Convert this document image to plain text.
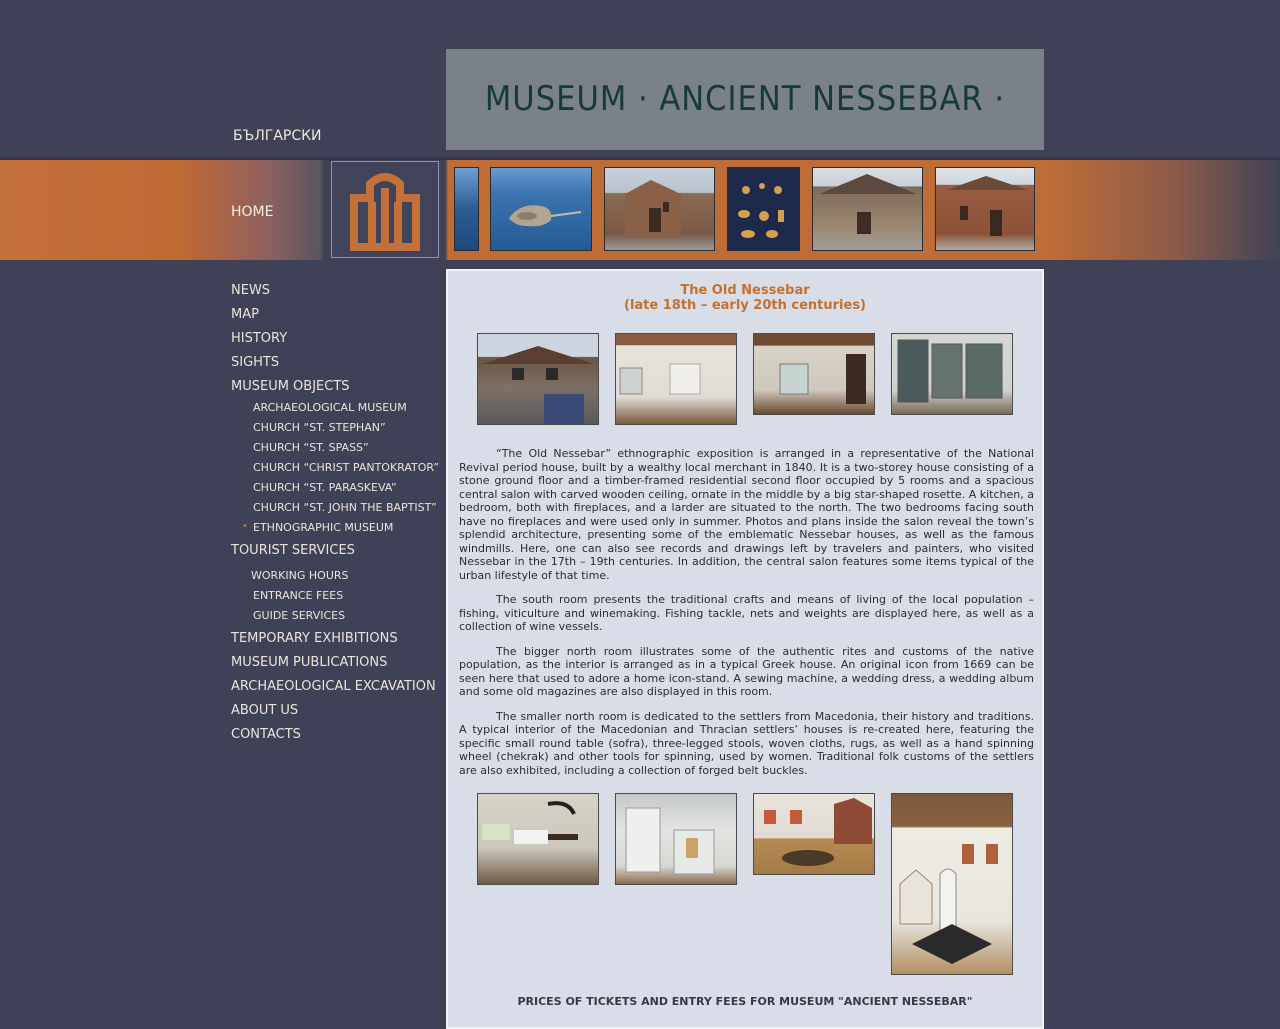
MUSEUM · ANCIENT NESSEBAR ·
БЪЛГАРСКИ
HOME
NEWS
MAP
HISTORY
SIGHTS
MUSEUM OBJECTS
ARCHAEOLOGICAL MUSEUM
CHURCH “ST. STEPHAN”
CHURCH “ST. SPASS”
CHURCH “CHRIST PANTOKRATOR”
CHURCH “ST. PARASKEVA”
CHURCH “ST. JOHN THE BAPTIST”
• ETHNOGRAPHIC MUSEUM
TOURIST SERVICES
WORKING HOURS
ENTRANCE FEES
GUIDE SERVICES
TEMPORARY EXHIBITIONS
MUSEUM PUBLICATIONS
ARCHAEOLOGICAL EXCAVATION
ABOUT US
CONTACTS
The Old Nessebar
(late 18th – early 20th centuries)

“The Old Nessebar” ethnographic exposition is arranged in a representative of the National Revival period house, built by a wealthy local merchant in 1840. It is a two-storey house consisting of a stone ground floor and a timber-framed residential second floor occupied by 5 rooms and a spacious central salon with carved wooden ceiling, ornate in the middle by a big star-shaped rosette. A kitchen, a bedroom, both with fireplaces, and a larder are situated to the north. The two bedrooms facing south have no fireplaces and were used only in summer. Photos and plans inside the salon reveal the town’s splendid architecture, presenting some of the emblematic Nessebar houses, as well as the famous windmills. Here, one can also see records and drawings left by travelers and painters, who visited Nessebar in the 17th – 19th centuries. In addition, the central salon features some items typical of the urban lifestyle of that time.

The south room presents the traditional crafts and means of living of the local population – fishing, viticulture and winemaking. Fishing tackle, nets and weights are displayed here, as well as a collection of wine vessels.

The bigger north room illustrates some of the authentic rites and customs of the native population, as the interior is arranged as in a typical Greek house. An original icon from 1669 can be seen here that used to adore a home icon-stand. A sewing machine, a wedding dress, a wedding album and some old magazines are also displayed in this room.

The smaller north room is dedicated to the settlers from Macedonia, their history and traditions. A typical interior of the Macedonian and Thracian settlers’ houses is re-created here, featuring the specific small round table (sofra), three-legged stools, woven cloths, rugs, as well as a hand spinning wheel (chekrak) and other tools for spinning, used by women. Traditional folk customs of the settlers are also exhibited, including a collection of forged belt buckles.

PRICES OF TICKETS AND ENTRY FEES FOR MUSEUM "ANCIENT NESSEBAR"
